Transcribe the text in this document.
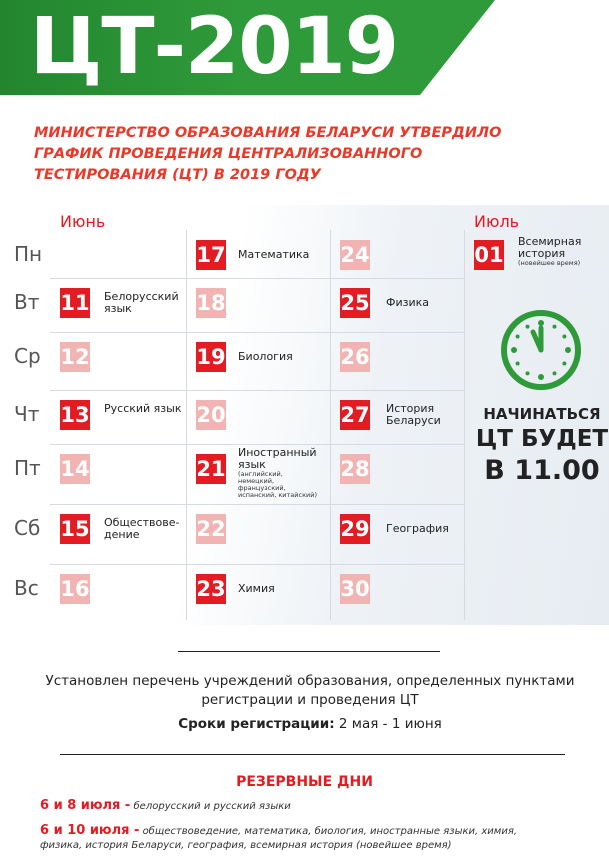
ЦТ-2019
МИНИСТЕРСТВО ОБРАЗОВАНИЯ БЕЛАРУСИ УТВЕРДИЛО
ГРАФИК ПРОВЕДЕНИЯ ЦЕНТРАЛИЗОВАННОГО
ТЕСТИРОВАНИЯ (ЦТ) В 2019 ГОДУ
Июнь	Июль
Пн
Вт
Ср
Чт
Пт
Сб
Вс
11 Белорусский язык
12
13 Русский язык
14
15 Обществове-дение
16
17 Математика
18
19 Биология
20
21
Иностранный язык
(английский, немецкий, французский, испанский, китайский)
22
23 Химия
24
25 Физика
26
27 История Беларуси
28
29 География
30
01
Всемирная история
(новейшее время)
НАЧИНАТЬСЯ
ЦТ БУДЕТ
В 11.00
Установлен перечень учреждений образования, определенных пунктами
регистрации и проведения ЦТ
Сроки регистрации: 2 мая - 1 июня
РЕЗЕРВНЫЕ ДНИ
6 и 8 июля - белорусский и русский языки
6 и 10 июля - обществоведение, математика, биология, иностранные языки, химия,
физика, история Беларуси, география, всемирная история (новейшее время)
